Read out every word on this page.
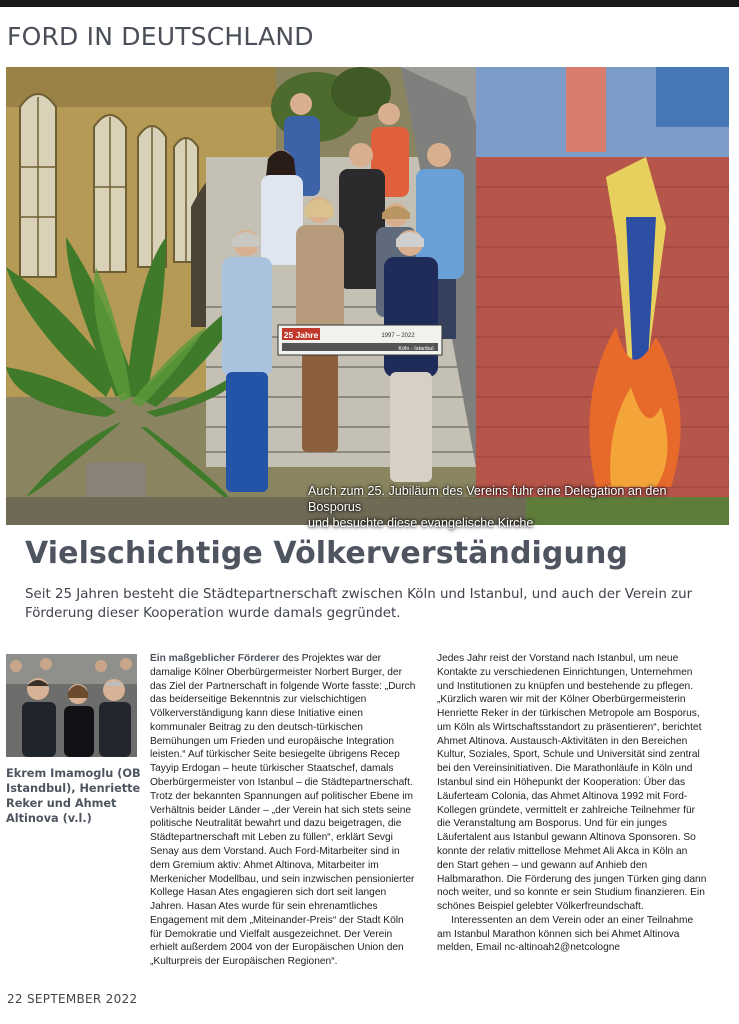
FORD IN DEUTSCHLAND
25 Jahre	1997 – 2022
Köln - Istanbul
Auch zum 25. Jubiläum des Vereins fuhr eine Delegation an den Bosporus
und besuchte diese evangelische Kirche
Vielschichtige Völkerverständigung

Seit 25 Jahren besteht die Städtepartnerschaft zwischen Köln und Istanbul, und auch der Verein zur Förderung dieser Kooperation wurde damals gegründet.

Ekrem Imamoglu (OB Istandbul), Henriette Reker und Ahmet Altinova (v.l.)

Ein maßgeblicher Förderer des Projektes war der damalige Kölner Oberbürgermeister Norbert Burger, der das Ziel der Partnerschaft in folgende Worte fasste: „Durch das beiderseitige Bekenntnis zur vielschichtigen Völkerverständigung kann diese Initiative einen kommunaler Beitrag zu den deutsch-türkischen Bemühungen um Frieden und europäische Integration leisten.“ Auf türkischer Seite besiegelte übrigens Recep Tayyip Erdogan – heute türkischer Staatschef, damals Oberbürgermeister von Istanbul – die Städtepartnerschaft. Trotz der bekannten Spannungen auf politischer Ebene im Verhältnis beider Länder – „der Verein hat sich stets seine politische Neutralität bewahrt und dazu beigetragen, die Städtepartnerschaft mit Leben zu füllen“, erklärt Sevgi Senay aus dem Vorstand. Auch Ford-Mitarbeiter sind in dem Gremium aktiv: Ahmet Altinova, Mitarbeiter im Merkenicher Modellbau, und sein inzwischen pensionierter Kollege Hasan Ates engagieren sich dort seit langen Jahren. Hasan Ates wurde für sein ehrenamtliches Engagement mit dem „Miteinander-Preis“ der Stadt Köln für Demokratie und Vielfalt ausgezeichnet. Der Verein erhielt außerdem 2004 von der Europäischen Union den „Kulturpreis der Europäischen Regionen“.

Jedes Jahr reist der Vorstand nach Istanbul, um neue Kontakte zu verschiedenen Einrichtungen, Unternehmen und Institutionen zu knüpfen und bestehende zu pflegen. „Kürzlich waren wir mit der Kölner Oberbürgermeisterin Henriette Reker in der türkischen Metropole am Bosporus, um Köln als Wirtschaftsstandort zu präsentieren“, berichtet Ahmet Altinova. Austausch-Aktivitäten in den Bereichen Kultur, Soziales, Sport, Schule und Universität sind zentral bei den Vereinsinitiativen. Die Marathonläufe in Köln und Istanbul sind ein Höhepunkt der Kooperation: Über das Läuferteam Colonia, das Ahmet Altinova 1992 mit Ford-Kollegen gründete, vermittelt er zahlreiche Teilnehmer für die Veranstaltung am Bosporus. Und für ein junges Läufertalent aus Istanbul gewann Altinova Sponsoren. So konnte der relativ mittellose Mehmet Ali Akca in Köln an den Start gehen – und gewann auf Anhieb den Halbmarathon. Die Förderung des jungen Türken ging dann noch weiter, und so konnte er sein Studium finanzieren. Ein schönes Beispiel gelebter Völkerfreundschaft.

Interessenten an dem Verein oder an einer Teilnahme am Istanbul Marathon können sich bei Ahmet Altinova melden, Email nc-altinoah2@netcologne

22 SEPTEMBER 2022
